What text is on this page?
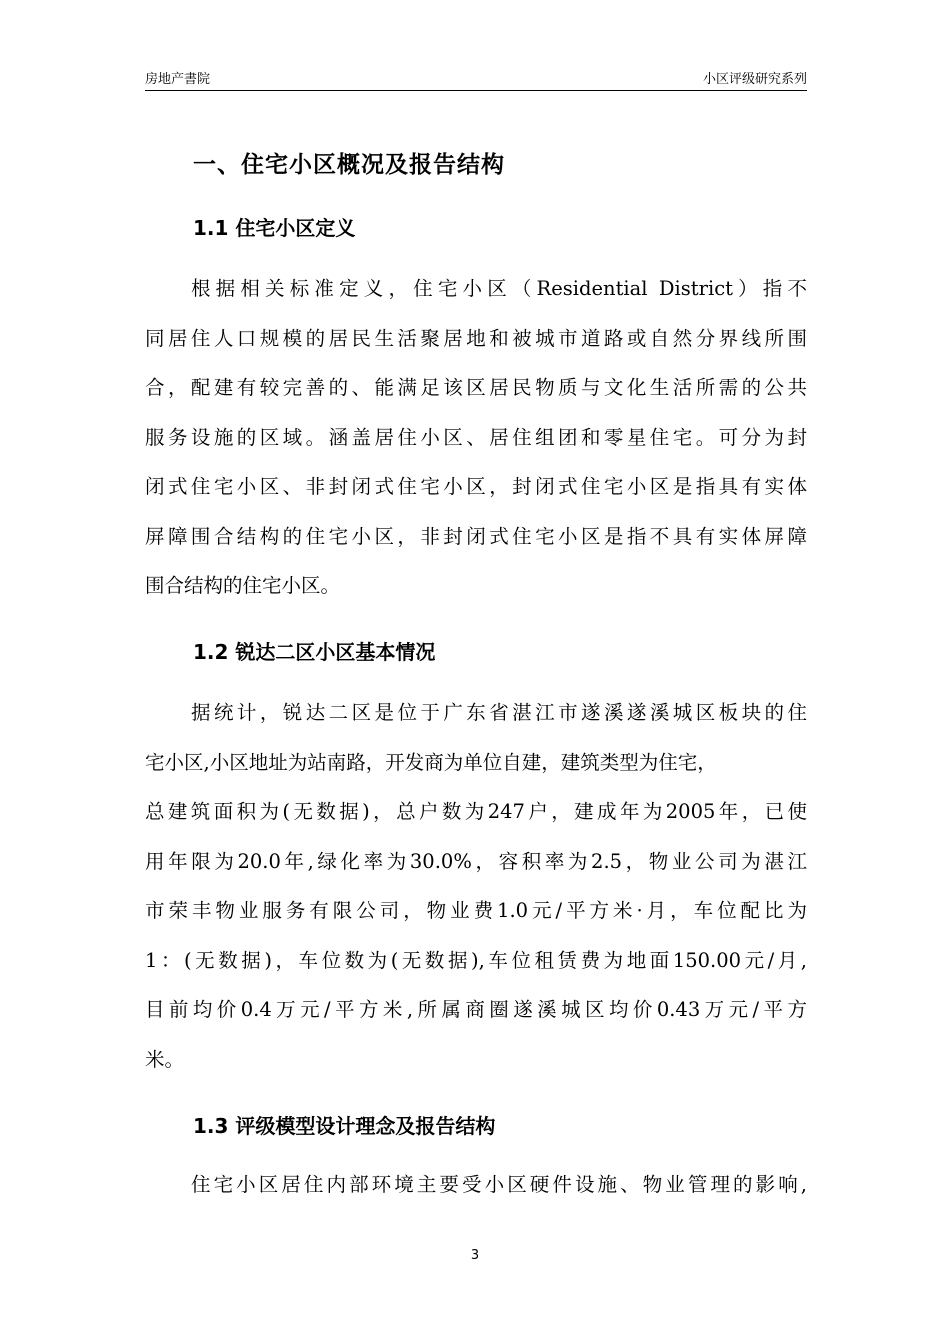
房地产書院	小区评级研究系列
一、住宅小区概况及报告结构
1.1 住宅小区定义
根据相关标准定义，住宅小区（Residential District）指不
同居住人口规模的居民生活聚居地和被城市道路或自然分界线所围
合，配建有较完善的、能满足该区居民物质与文化生活所需的公共
服务设施的区域。涵盖居住小区、居住组团和零星住宅。可分为封
闭式住宅小区、非封闭式住宅小区，封闭式住宅小区是指具有实体
屏障围合结构的住宅小区，非封闭式住宅小区是指不具有实体屏障
围合结构的住宅小区。
1.2 锐达二区小区基本情况
据统计，锐达二区是位于广东省湛江市遂溪遂溪城区板块的住
宅小区,小区地址为站南路，开发商为单位自建，建筑类型为住宅，
总建筑面积为(无数据)，总户数为247户，建成年为2005年，已使
用年限为20.0年,绿化率为30.0%，容积率为2.5，物业公司为湛江
市荣丰物业服务有限公司，物业费1.0元/平方米·月，车位配比为
1：(无数据)，车位数为(无数据),车位租赁费为地面150.00元/月,
目前均价0.4万元/平方米,所属商圈遂溪城区均价0.43万元/平方
米。
1.3 评级模型设计理念及报告结构
住宅小区居住内部环境主要受小区硬件设施、物业管理的影响,
3
